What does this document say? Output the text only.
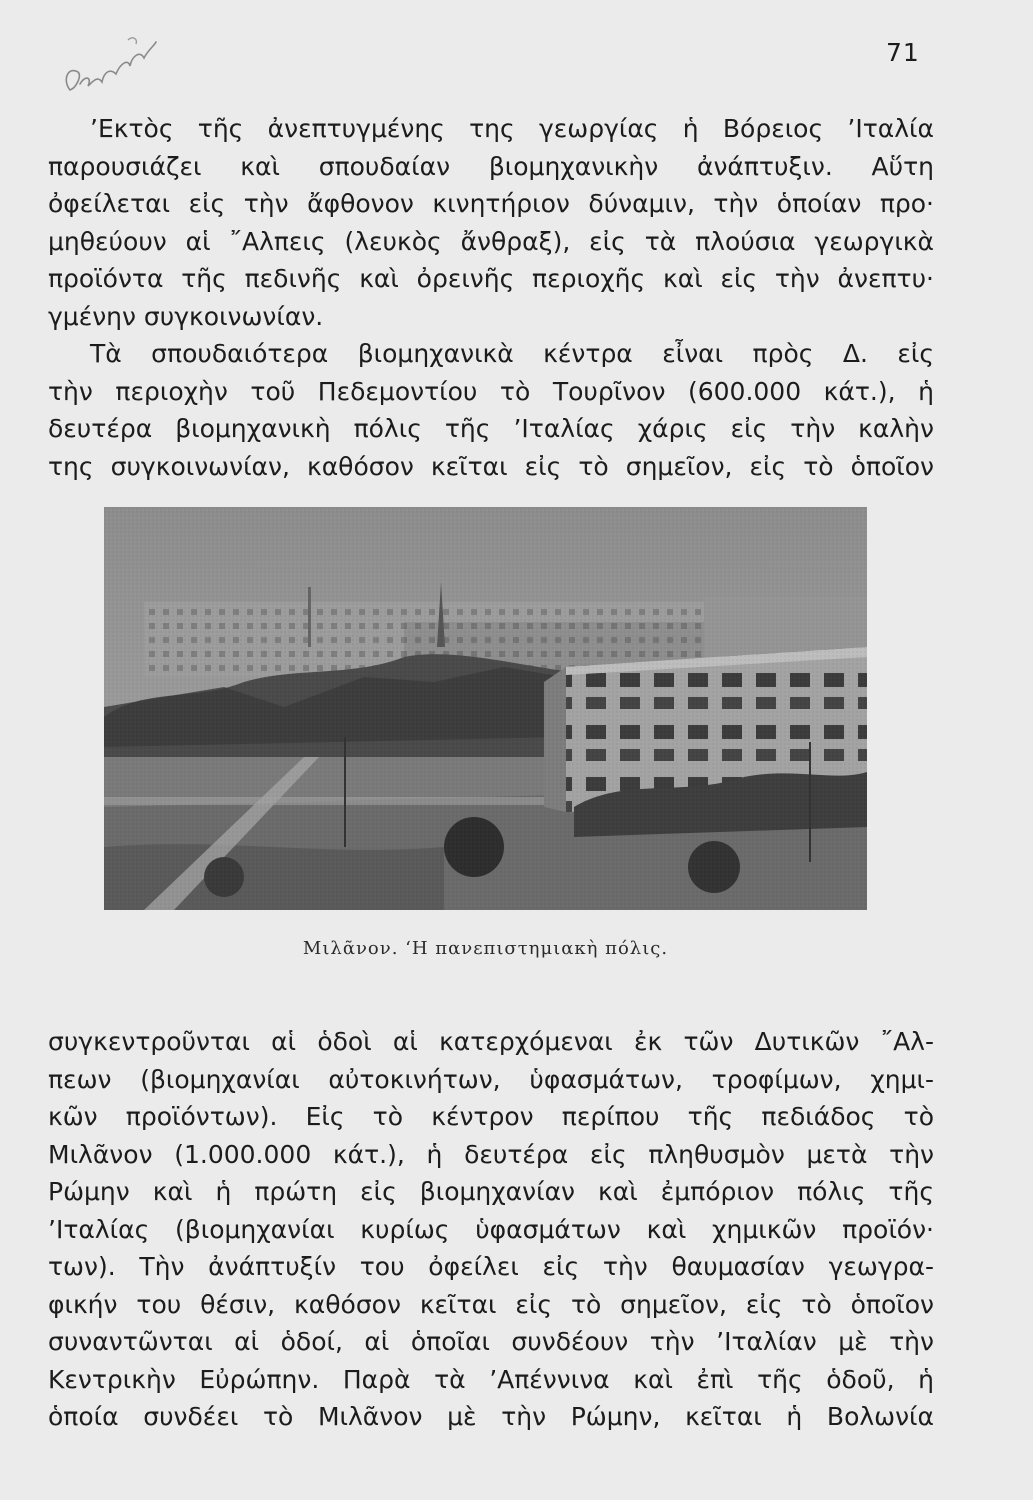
71
’Εκτὸς τῆς ἀνεπτυγμένης της γεωργίας ἡ Βόρειος ’Ιταλία
παρουσιάζει καὶ σπουδαίαν βιομηχανικὴν ἀνάπτυξιν. Αὕτη
ὀφείλεται εἰς τὴν ἄφθονον κινητήριον δύναμιν, τὴν ὁποίαν προ·
μηθεύουν αἱ ῎Αλπεις (λευκὸς ἄνθραξ), εἰς τὰ πλούσια γεωργικὰ
προϊόντα τῆς πεδινῆς καὶ ὀρεινῆς περιοχῆς καὶ εἰς τὴν ἀνεπτυ·
γμένην συγκοινωνίαν.
Τὰ σπουδαιότερα βιομηχανικὰ κέντρα εἶναι πρὸς Δ. εἰς
τὴν περιοχὴν τοῦ Πεδεμοντίου τὸ Τουρῖνον (600.000 κάτ.), ἡ
δευτέρα βιομηχανικὴ πόλις τῆς ’Ιταλίας χάρις εἰς τὴν καλὴν
της συγκοινωνίαν, καθόσον κεῖται εἰς τὸ σημεῖον, εἰς τὸ ὁποῖον
Μιλᾶνον. ‘Η πανεπιστημιακὴ πόλις.
συγκεντροῦνται αἱ ὁδοὶ αἱ κατερχόμεναι ἐκ τῶν Δυτικῶν ῎Αλ-
πεων (βιομηχανίαι αὐτοκινήτων, ὑφασμάτων, τροφίμων, χημι-
κῶν προϊόντων). Εἰς τὸ κέντρον περίπου τῆς πεδιάδος τὸ
Μιλᾶνον (1.000.000 κάτ.), ἡ δευτέρα εἰς πληθυσμὸν μετὰ τὴν
Ρώμην καὶ ἡ πρώτη εἰς βιομηχανίαν καὶ ἐμπόριον πόλις τῆς
’Ιταλίας (βιομηχανίαι κυρίως ὑφασμάτων καὶ χημικῶν προϊόν·
των). Τὴν ἀνάπτυξίν του ὀφείλει εἰς τὴν θαυμασίαν γεωγρα-
φικήν του θέσιν, καθόσον κεῖται εἰς τὸ σημεῖον, εἰς τὸ ὁποῖον
συναντῶνται αἱ ὁδοί, αἱ ὁποῖαι συνδέουν τὴν ’Ιταλίαν μὲ τὴν
Κεντρικὴν Εὐρώπην. Παρὰ τὰ ’Απέννινα καὶ ἐπὶ τῆς ὁδοῦ, ἡ
ὁποία συνδέει τὸ Μιλᾶνον μὲ τὴν Ρώμην, κεῖται ἡ Βολωνία
